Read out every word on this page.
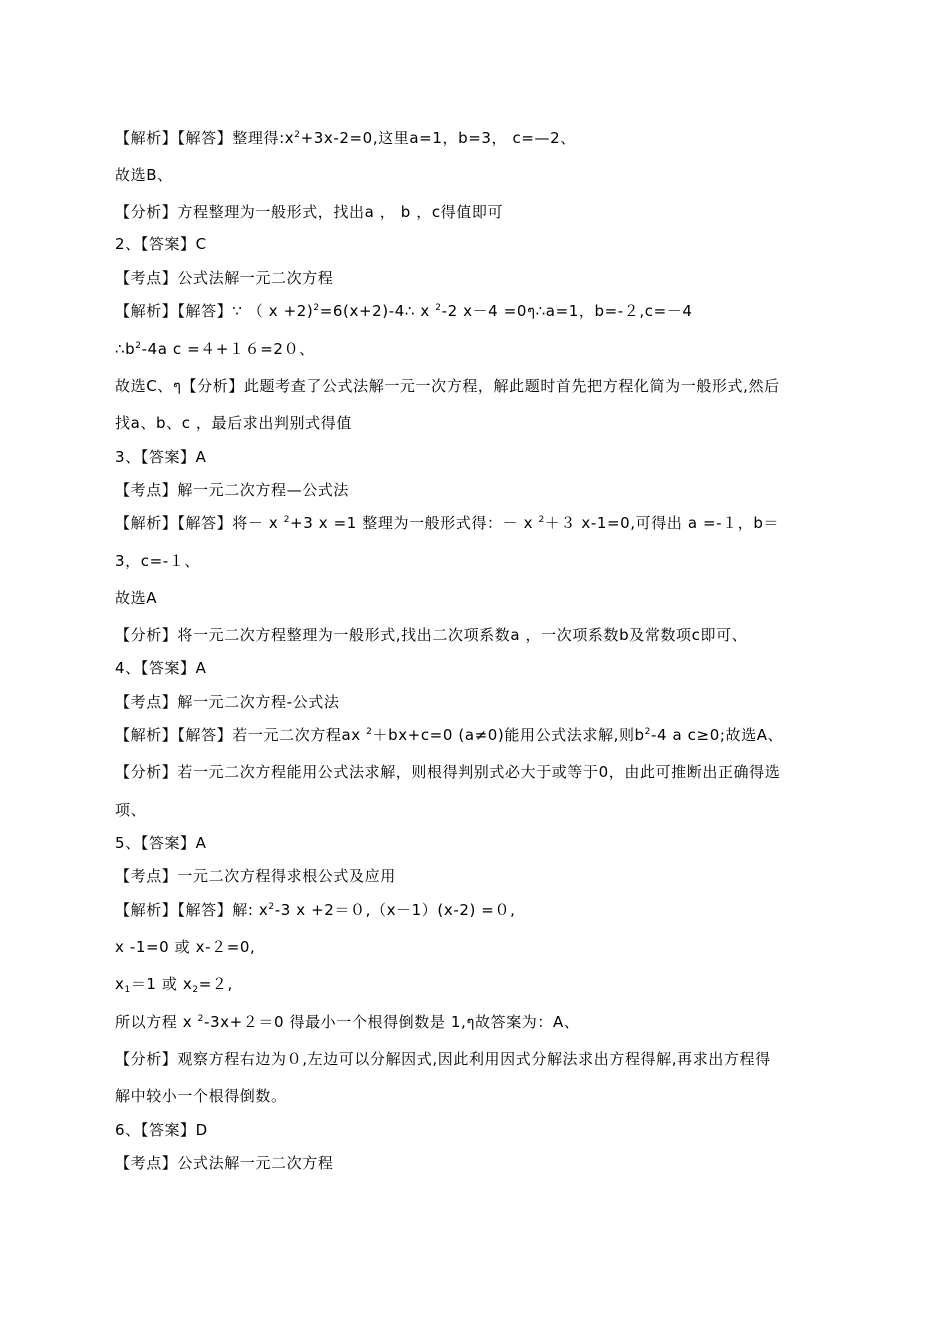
【解析】【解答】整理得$:x^2+3x-2=0$,这里a=1，b=3， c=—2、
故选B、
【分析】方程整理为一般形式，找出a ， b ，c得值即可
2、【答案】C
【考点】公式法解一元二次方程
【解析】【解答】∵ （ x +2)$^2$=6(x+2)-4∴ x $^2$-2 x－4 =0ๆ∴a=1，b=-２,c=－4
$\therefore b^2-4a$ c =４+１６=2０、
故选C、ๆ【分析】此题考查了公式法解一元一次方程，解此题时首先把方程化简为一般形式,然后
找a、b、c ，最后求出判别式得值
3、【答案】A
【考点】解一元二次方程—公式法
【解析】【解答】将－ x $^2$+3 x =1 整理为一般形式得：－ x $^2$＋３ x-1=0,可得出 a =-１，b＝
3，c=-１、
故选A
【分析】将一元二次方程整理为一般形式,找出二次项系数a ，一次项系数b及常数项c即可、
4、【答案】A
【考点】解一元二次方程-公式法
【解析】【解答】若一元二次方程ax $^2$＋bx+c=0 (a≠0)能用公式法求解,则$b^2-4$ a c≥0;故选A、
【分析】若一元二次方程能用公式法求解，则根得判别式必大于或等于0，由此可推断出正确得选
项、
5、【答案】A
【考点】一元二次方程得求根公式及应用
【解析】【解答】解: $x^2-3$ x +2＝０,（x－1）(x-2) =０,
x -1=0 或 x-２=0,
$x_1=1$ 或 $x_2=2$,
所以方程 x $^2$-3x+２＝0 得最小一个根得倒数是 1,ๆ故答案为：A、
【分析】观察方程右边为０,左边可以分解因式,因此利用因式分解法求出方程得解,再求出方程得
解中较小一个根得倒数。
6、【答案】D
【考点】公式法解一元二次方程
